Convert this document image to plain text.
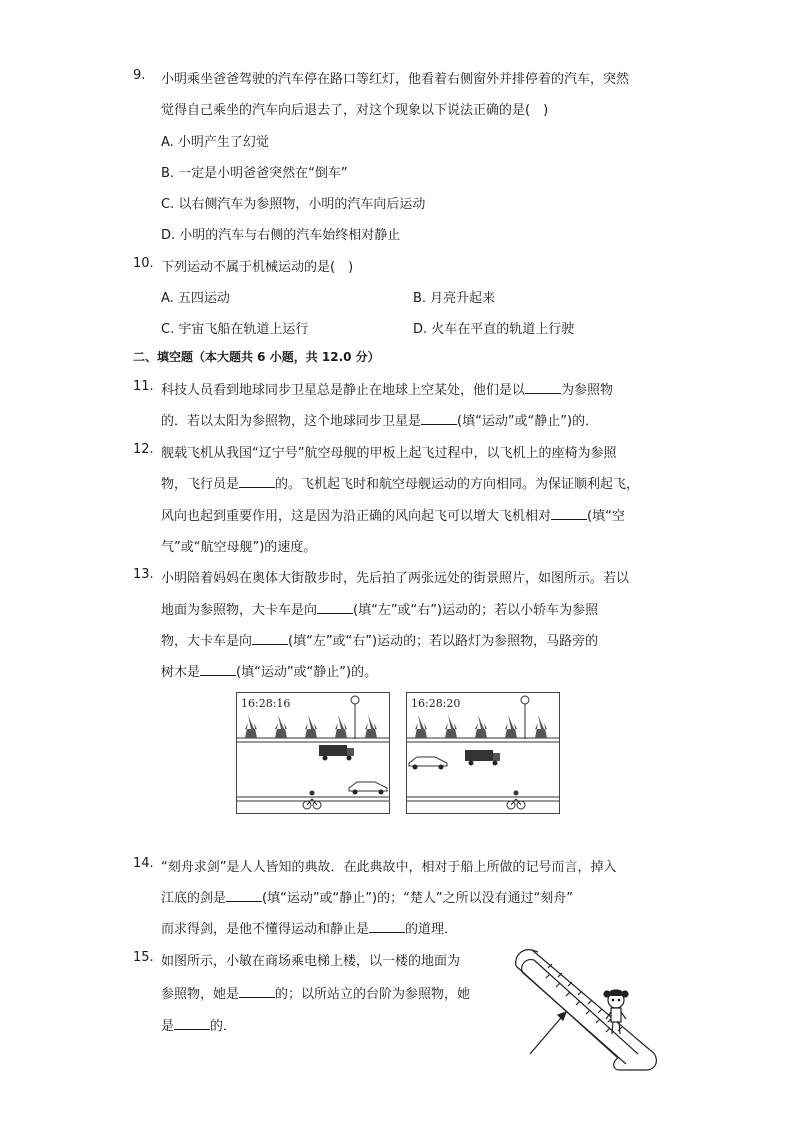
9. 小明乘坐爸爸驾驶的汽车停在路口等红灯，他看着右侧窗外并排停着的汽车，突然
觉得自己乘坐的汽车向后退去了，对这个现象以下说法正确的是(　)
A. 小明产生了幻觉
B. 一定是小明爸爸突然在“倒车”
C. 以右侧汽车为参照物，小明的汽车向后运动
D. 小明的汽车与右侧的汽车始终相对静止
10. 下列运动不属于机械运动的是(　)
A. 五四运动	B. 月亮升起来
C. 宇宙飞船在轨道上运行	D. 火车在平直的轨道上行驶
二、填空题（本大题共 6 小题，共 12.0 分）
11. 科技人员看到地球同步卫星总是静止在地球上空某处，他们是以	为参照物
的．若以太阳为参照物，这个地球同步卫星是	(填“运动”或“静止”)的．
12. 舰载飞机从我国“辽宁号”航空母舰的甲板上起飞过程中，以飞机上的座椅为参照
物，飞行员是	的。飞机起飞时和航空母舰运动的方向相同。为保证顺利起飞，
风向也起到重要作用，这是因为沿正确的风向起飞可以增大飞机相对	(填“空
气”或“航空母舰”)的速度。
13. 小明陪着妈妈在奥体大街散步时，先后拍了两张远处的街景照片，如图所示。若以
地面为参照物，大卡车是向	(填“左”或“右”)运动的；若以小轿车为参照
物，大卡车是向	(填“左”或“右”)运动的；若以路灯为参照物，马路旁的
树木是	(填“运动”或“静止”)的。
16:28:16	16:28:20
14. “刻舟求剑”是人人皆知的典故．在此典故中，相对于船上所做的记号而言，掉入
江底的剑是	(填“运动”或“静止”)的；“楚人”之所以没有通过“刻舟”
而求得剑，是他不懂得运动和静止是	的道理．
15. 如图所示，小敏在商场乘电梯上楼，以一楼的地面为
参照物，她是	的；以所站立的台阶为参照物，她
是	的．
